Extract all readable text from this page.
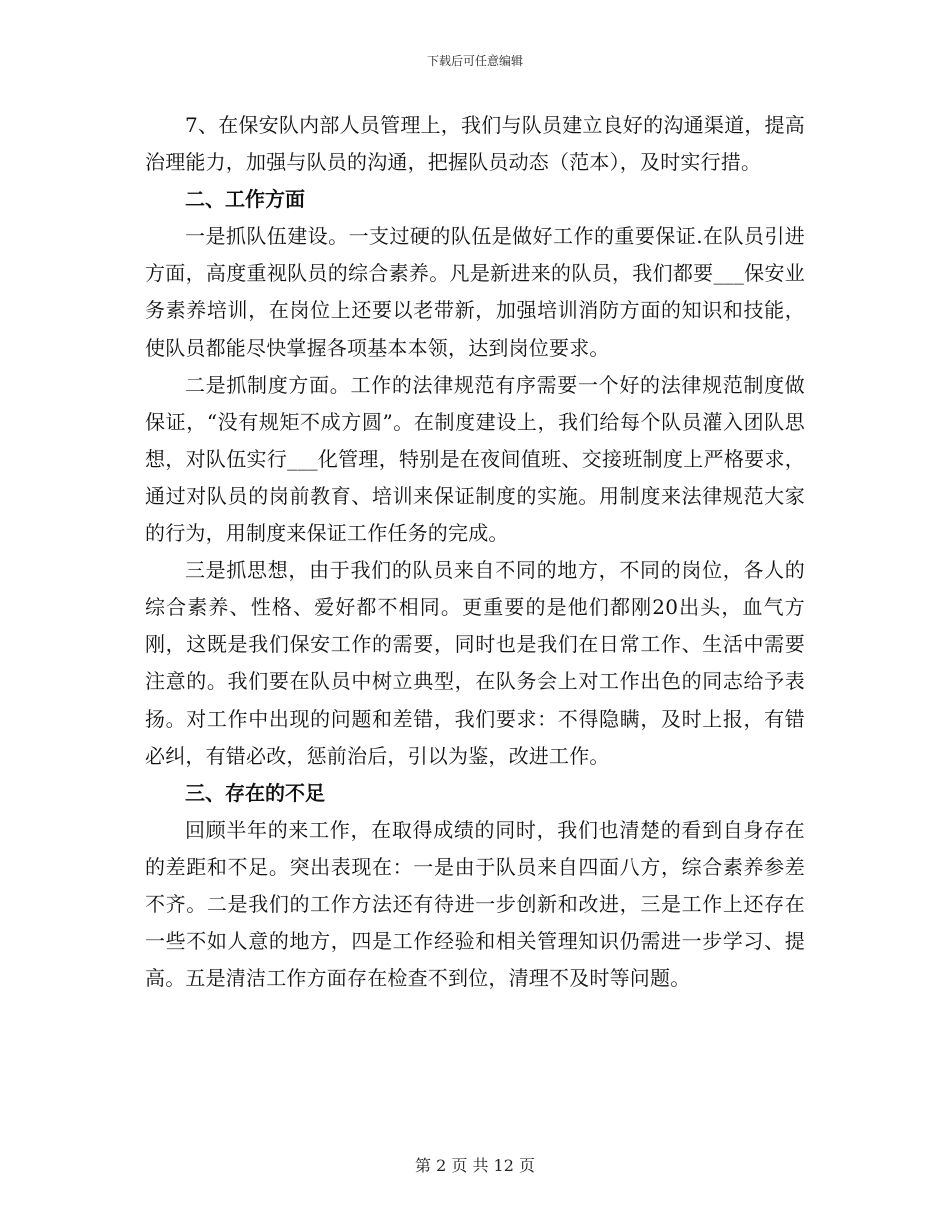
下载后可任意编辑

7、在保安队内部人员管理上，我们与队员建立良好的沟通渠道，提高治理能力，加强与队员的沟通，把握队员动态（范本），及时实行措。

二、工作方面

一是抓队伍建设。一支过硬的队伍是做好工作的重要保证.在队员引进方面，高度重视队员的综合素养。凡是新进来的队员，我们都要___保安业务素养培训，在岗位上还要以老带新，加强培训消防方面的知识和技能，使队员都能尽快掌握各项基本本领，达到岗位要求。

二是抓制度方面。工作的法律规范有序需要一个好的法律规范制度做保证，“没有规矩不成方圆”。在制度建设上，我们给每个队员灌入团队思想，对队伍实行___化管理，特别是在夜间值班、交接班制度上严格要求，通过对队员的岗前教育、培训来保证制度的实施。用制度来法律规范大家的行为，用制度来保证工作任务的完成。

三是抓思想，由于我们的队员来自不同的地方，不同的岗位，各人的综合素养、性格、爱好都不相同。更重要的是他们都刚20出头，血气方刚，这既是我们保安工作的需要，同时也是我们在日常工作、生活中需要注意的。我们要在队员中树立典型，在队务会上对工作出色的同志给予表扬。对工作中出现的问题和差错，我们要求：不得隐瞒，及时上报，有错必纠，有错必改，惩前治后，引以为鉴，改进工作。

三、存在的不足

回顾半年的来工作，在取得成绩的同时，我们也清楚的看到自身存在的差距和不足。突出表现在：一是由于队员来自四面八方，综合素养参差不齐。二是我们的工作方法还有待进一步创新和改进，三是工作上还存在一些不如人意的地方，四是工作经验和相关管理知识仍需进一步学习、提高。五是清洁工作方面存在检查不到位，清理不及时等问题。

第 2 页 共 12 页
